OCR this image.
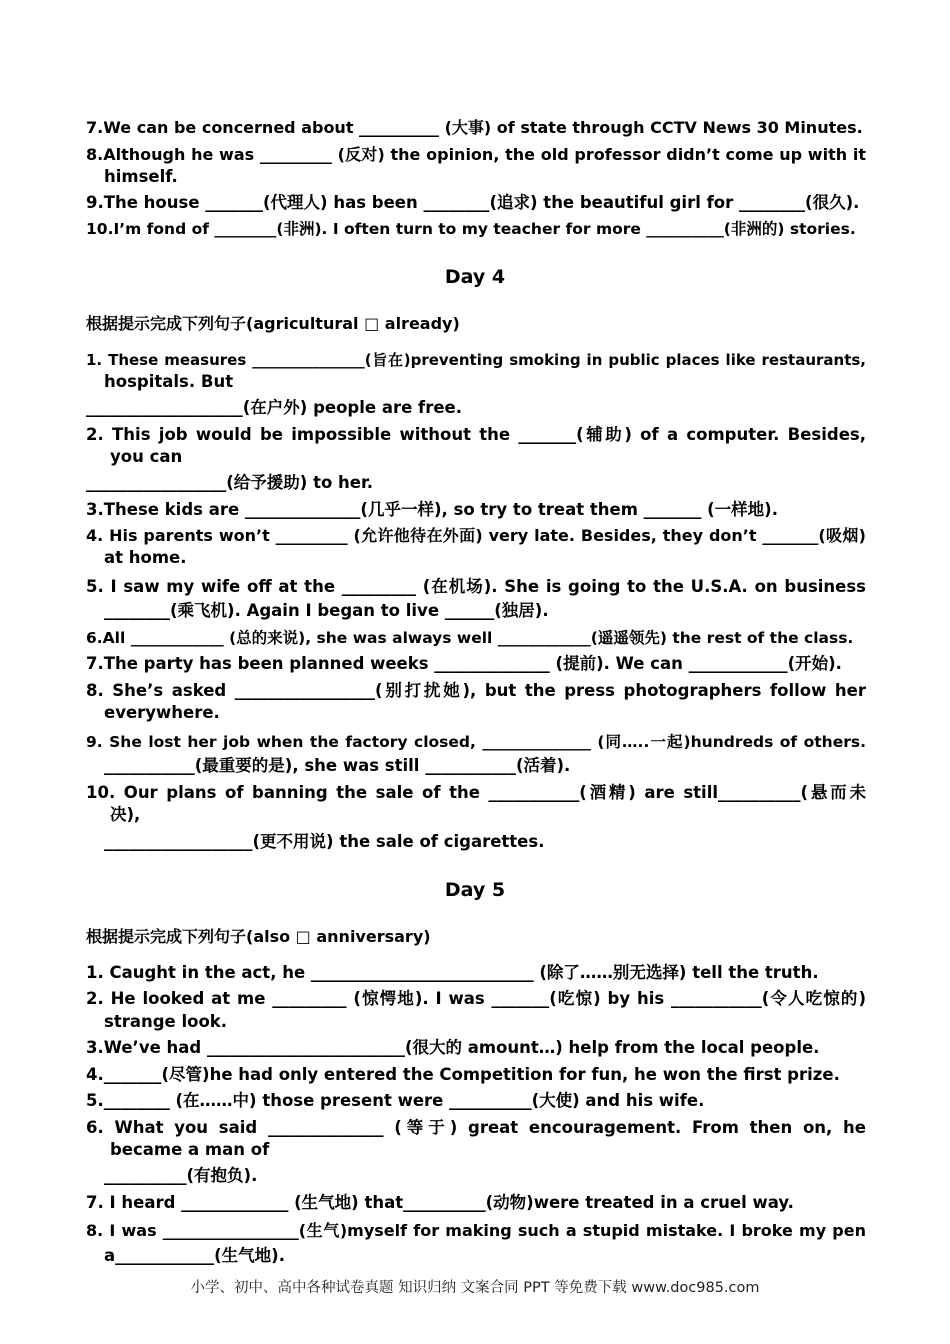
7.We can be concerned about __________ (大事) of state through CCTV News 30 Minutes.
8.Although he was _________ (反对) the opinion, the old professor didn’t come up with it
himself.
9.The house _______(代理人) has been ________(追求) the beautiful girl for ________(很久).
10.I’m fond of ________(非洲). I often turn to my teacher for more __________(非洲的) stories.
Day 4
根据提示完成下列句子(agricultural □ already)
1. These measures _______________(旨在)preventing smoking in public places like restaurants,
hospitals. But
___________________(在户外) people are free.
2. This job would be impossible without the _______(辅助) of a computer. Besides,
you can
_________________(给予援助) to her.
3.These kids are ______________(几乎一样), so try to treat them _______ (一样地).
4. His parents won’t _________ (允许他待在外面) very late. Besides, they don’t _______(吸烟)
at home.
5. I saw my wife off at the _________ (在机场). She is going to the U.S.A. on business
________(乘飞机). Again I began to live ______(独居).
6.All ____________ (总的来说), she was always well ____________(遥遥领先) the rest of the class.
7.The party has been planned weeks ______________ (提前). We can ____________(开始).
8. She’s asked _________________(别打扰她), but the press photographers follow her
everywhere.
9. She lost her job when the factory closed, ______________ (同…..一起)hundreds of others.
___________(最重要的是), she was still ___________(活着).
10. Our plans of banning the sale of the ___________(酒精) are still__________(悬而未
决),
__________________(更不用说) the sale of cigarettes.
Day 5
根据提示完成下列句子(also □ anniversary)
1. Caught in the act, he ___________________________ (除了……别无选择) tell the truth.
2. He looked at me _________ (惊愕地). I was _______(吃惊) by his ___________(令人吃惊的)
strange look.
3.We’ve had ________________________(很大的 amount…) help from the local people.
4._______(尽管)he had only entered the Competition for fun, he won the first prize.
5.________ (在……中) those present were __________(大使) and his wife.
6. What you said ______________ (等于) great encouragement. From then on, he
became a man of
__________(有抱负).
7. I heard _____________ (生气地) that__________(动物)were treated in a cruel way.
8. I was _________________(生气)myself for making such a stupid mistake. I broke my pen
a____________(生气地).
小学、初中、高中各种试卷真题 知识归纳 文案合同 PPT 等免费下载 www.doc985.com
